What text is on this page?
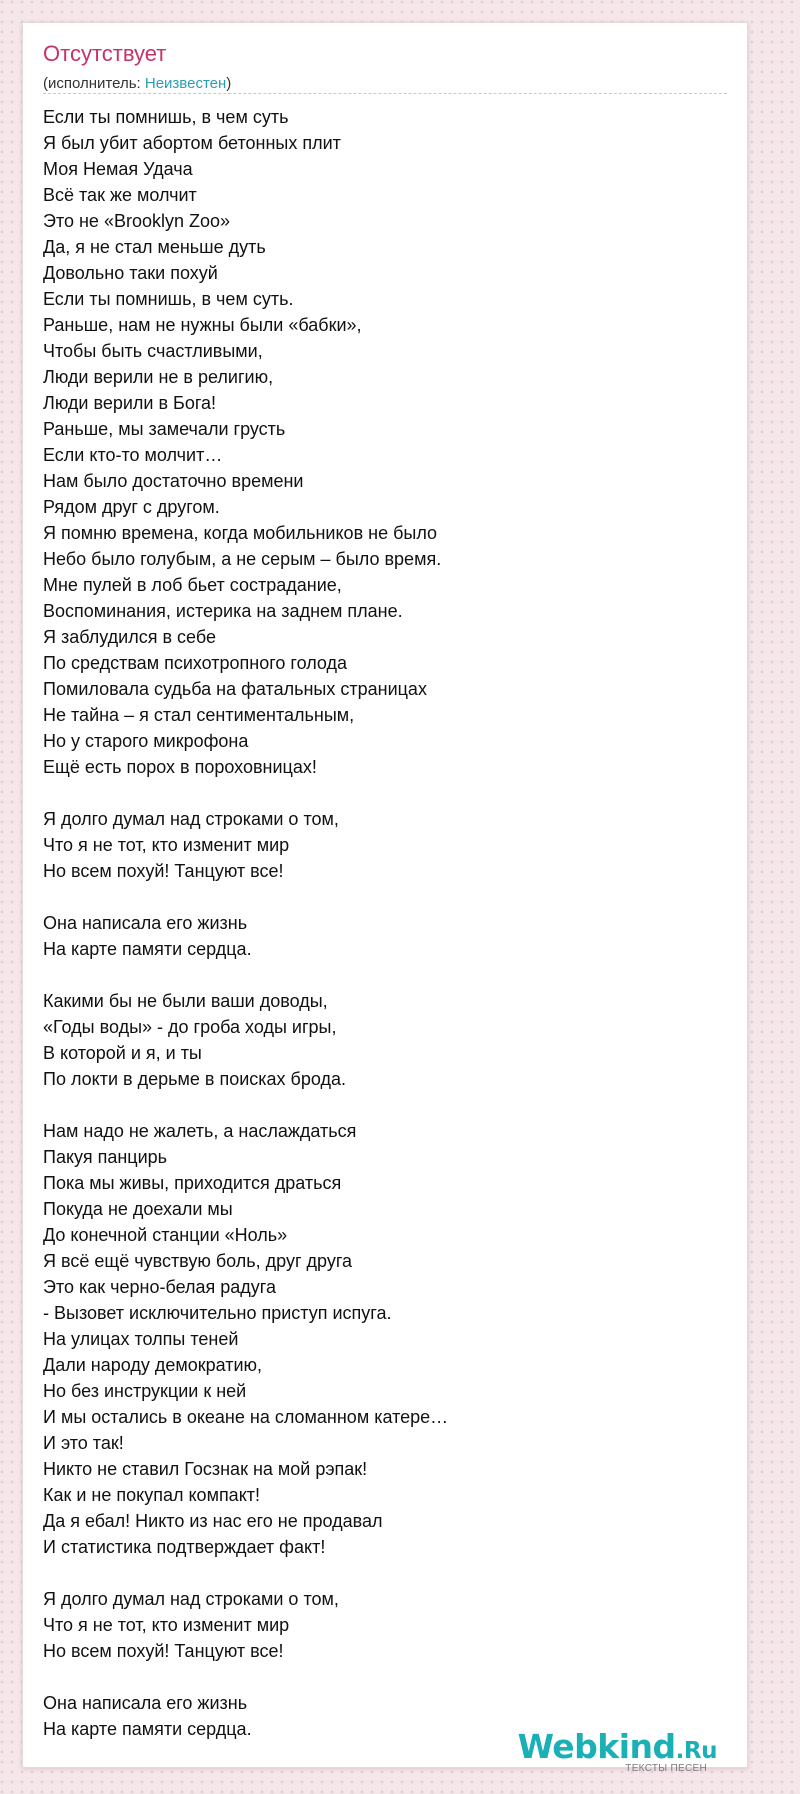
Отсутствует
(исполнитель: Неизвестен)
Если ты помнишь, в чем суть
Я был убит абортом бетонных плит
Моя Немая Удача
Всё так же молчит
Это не «Brooklyn Zoo»
Да, я не стал меньше дуть
Довольно таки похуй
Если ты помнишь, в чем суть.
Раньше, нам не нужны были «бабки»,
Чтобы быть счастливыми,
Люди верили не в религию,
Люди верили в Бога!
Раньше, мы замечали грусть
Если кто-то молчит…
Нам было достаточно времени
Рядом друг с другом.
Я помню времена, когда мобильников не было
Небо было голубым, а не серым – было время.
Мне пулей в лоб бьет сострадание,
Воспоминания, истерика на заднем плане.
Я заблудился в себе
По средствам психотропного голода
Помиловала судьба на фатальных страницах
Не тайна – я стал сентиментальным,
Но у старого микрофона
Ещё есть порох в пороховницах!
Я долго думал над строками о том,
Что я не тот, кто изменит мир
Но всем похуй! Танцуют все!
Она написала его жизнь
На карте памяти сердца.
Какими бы не были ваши доводы,
«Годы воды» - до гроба ходы игры,
В которой и я, и ты
По локти в дерьме в поисках брода.
Нам надо не жалеть, а наслаждаться
Пакуя панцирь
Пока мы живы, приходится драться
Покуда не доехали мы
До конечной станции «Ноль»
Я всё ещё чувствую боль, друг друга
Это как черно-белая радуга
- Вызовет исключительно приступ испуга.
На улицах толпы теней
Дали народу демократию,
Но без инструкции к ней
И мы остались в океане на сломанном катере…
И это так!
Никто не ставил Госзнак на мой рэпак!
Как и не покупал компакт!
Да я ебал! Никто из нас его не продавал
И статистика подтверждает факт!
Я долго думал над строками о том,
Что я не тот, кто изменит мир
Но всем похуй! Танцуют все!
Она написала его жизнь
На карте памяти сердца.	Webkind.Ru
ТЕКСТЫ ПЕСЕН
